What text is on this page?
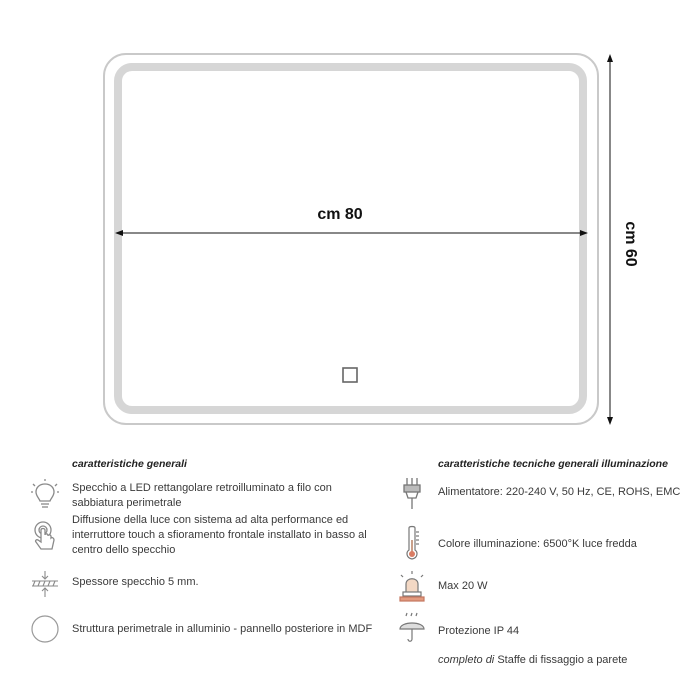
cm 80
cm 60
caratteristiche generali
Specchio a LED rettangolare retroilluminato a filo con sabbiatura perimetrale
Diffusione della luce con sistema ad alta performance ed interruttore touch a sfioramento frontale installato in basso al centro dello specchio
Spessore specchio 5 mm.
Struttura perimetrale in alluminio - pannello posteriore in MDF
caratteristiche tecniche generali illuminazione
Alimentatore: 220-240 V, 50 Hz, CE, ROHS, EMC
Colore illuminazione: 6500°K luce fredda
Max 20 W
Protezione IP 44
completo di Staffe di fissaggio a parete
